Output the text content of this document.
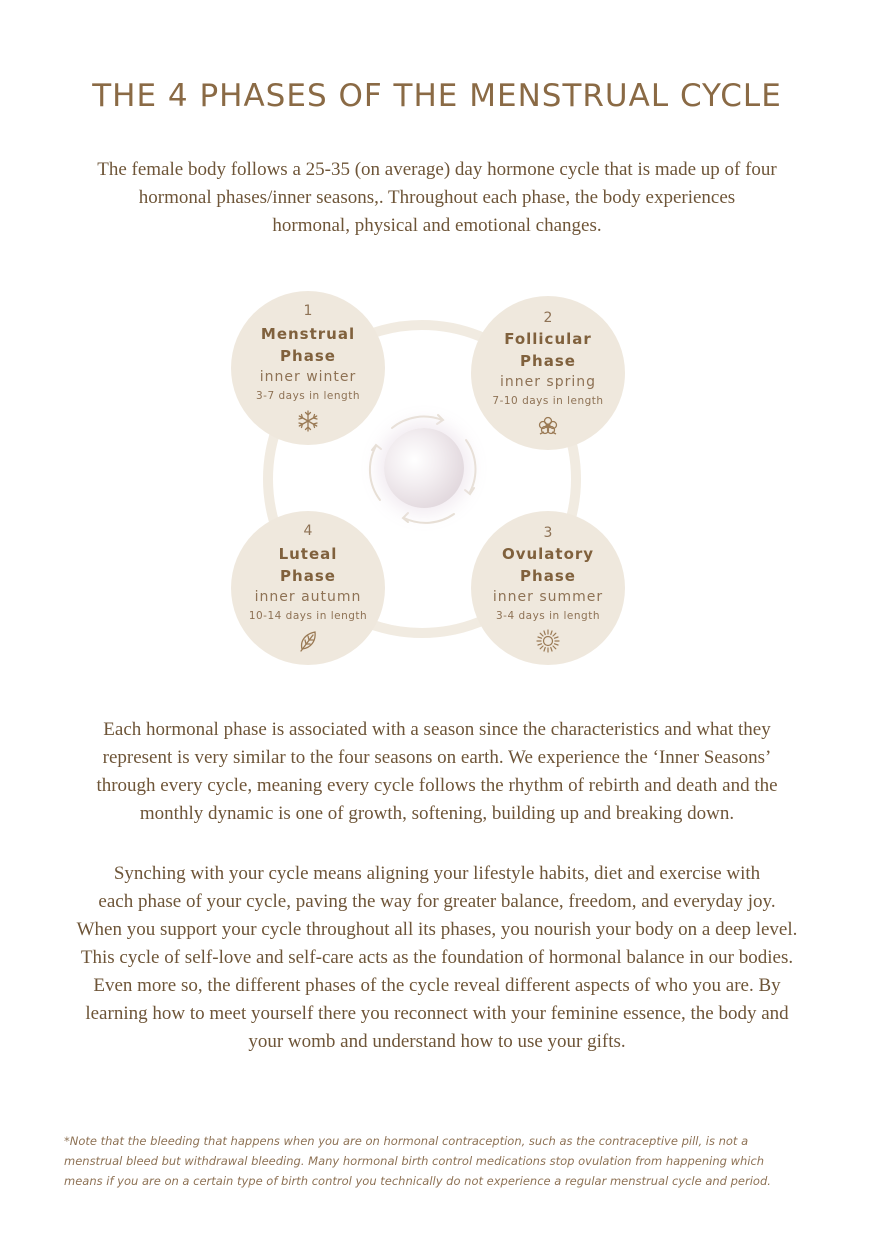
THE 4 PHASES OF THE MENSTRUAL CYCLE
The female body follows a 25-35 (on average) day hormone cycle that is made up of four
hormonal phases/inner seasons,. Throughout each phase, the body experiences
hormonal, physical and emotional changes.
1
Menstrual
Phase
inner winter
3-7 days in length
2
Follicular
Phase
inner spring
7-10 days in length
3
Ovulatory
Phase
inner summer
3-4 days in length
4
Luteal
Phase
inner autumn
10-14 days in length
Each hormonal phase is associated with a season since the characteristics and what they
represent is very similar to the four seasons on earth. We experience the ‘Inner Seasons’
through every cycle, meaning every cycle follows the rhythm of rebirth and death and the
monthly dynamic is one of growth, softening, building up and breaking down.
Synching with your cycle means aligning your lifestyle habits, diet and exercise with
each phase of your cycle, paving the way for greater balance, freedom, and everyday joy.
When you support your cycle throughout all its phases, you nourish your body on a deep level.
This cycle of self-love and self-care acts as the foundation of hormonal balance in our bodies.
Even more so, the different phases of the cycle reveal different aspects of who you are. By
learning how to meet yourself there you reconnect with your feminine essence, the body and
your womb and understand how to use your gifts.
*Note that the bleeding that happens when you are on hormonal contraception, such as the contraceptive pill, is not a
menstrual bleed but withdrawal bleeding. Many hormonal birth control medications stop ovulation from happening which
means if you are on a certain type of birth control you technically do not experience a regular menstrual cycle and period.
